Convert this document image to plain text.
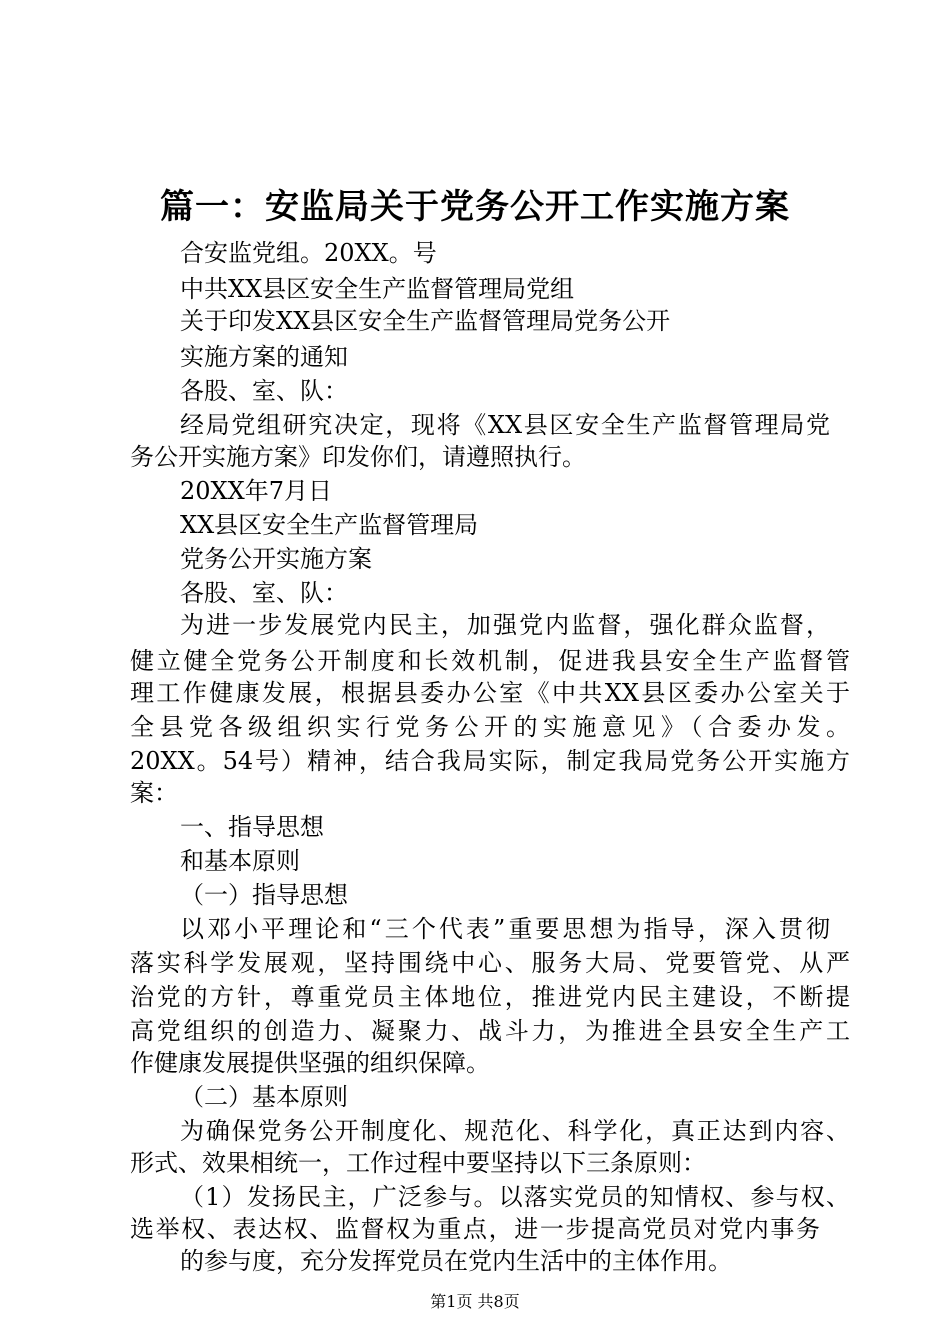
篇一：安监局关于党务公开工作实施方案
合安监党组。20XX。号
中共XX县区安全生产监督管理局党组
关于印发XX县区安全生产监督管理局党务公开
实施方案的通知
各股、室、队：
经局党组研究决定，现将《XX县区安全生产监督管理局党
务公开实施方案》印发你们，请遵照执行。
20XX年7月日
XX县区安全生产监督管理局
党务公开实施方案
各股、室、队：
为进一步发展党内民主，加强党内监督，强化群众监督，
健立健全党务公开制度和长效机制，促进我县安全生产监督管
理工作健康发展，根据县委办公室《中共XX县区委办公室关于
全县党各级组织实行党务公开的实施意见》（合委办发。
20XX。54号）精神，结合我局实际，制定我局党务公开实施方
案：
一、指导思想
和基本原则
（一）指导思想
以邓小平理论和“三个代表”重要思想为指导，深入贯彻
落实科学发展观，坚持围绕中心、服务大局、党要管党、从严
治党的方针，尊重党员主体地位，推进党内民主建设，不断提
高党组织的创造力、凝聚力、战斗力，为推进全县安全生产工
作健康发展提供坚强的组织保障。
（二）基本原则
为确保党务公开制度化、规范化、科学化，真正达到内容、
形式、效果相统一，工作过程中要坚持以下三条原则：
（1）发扬民主，广泛参与。以落实党员的知情权、参与权、
选举权、表达权、监督权为重点，进一步提高党员对党内事务
的参与度，充分发挥党员在党内生活中的主体作用。
第1页 共8页
